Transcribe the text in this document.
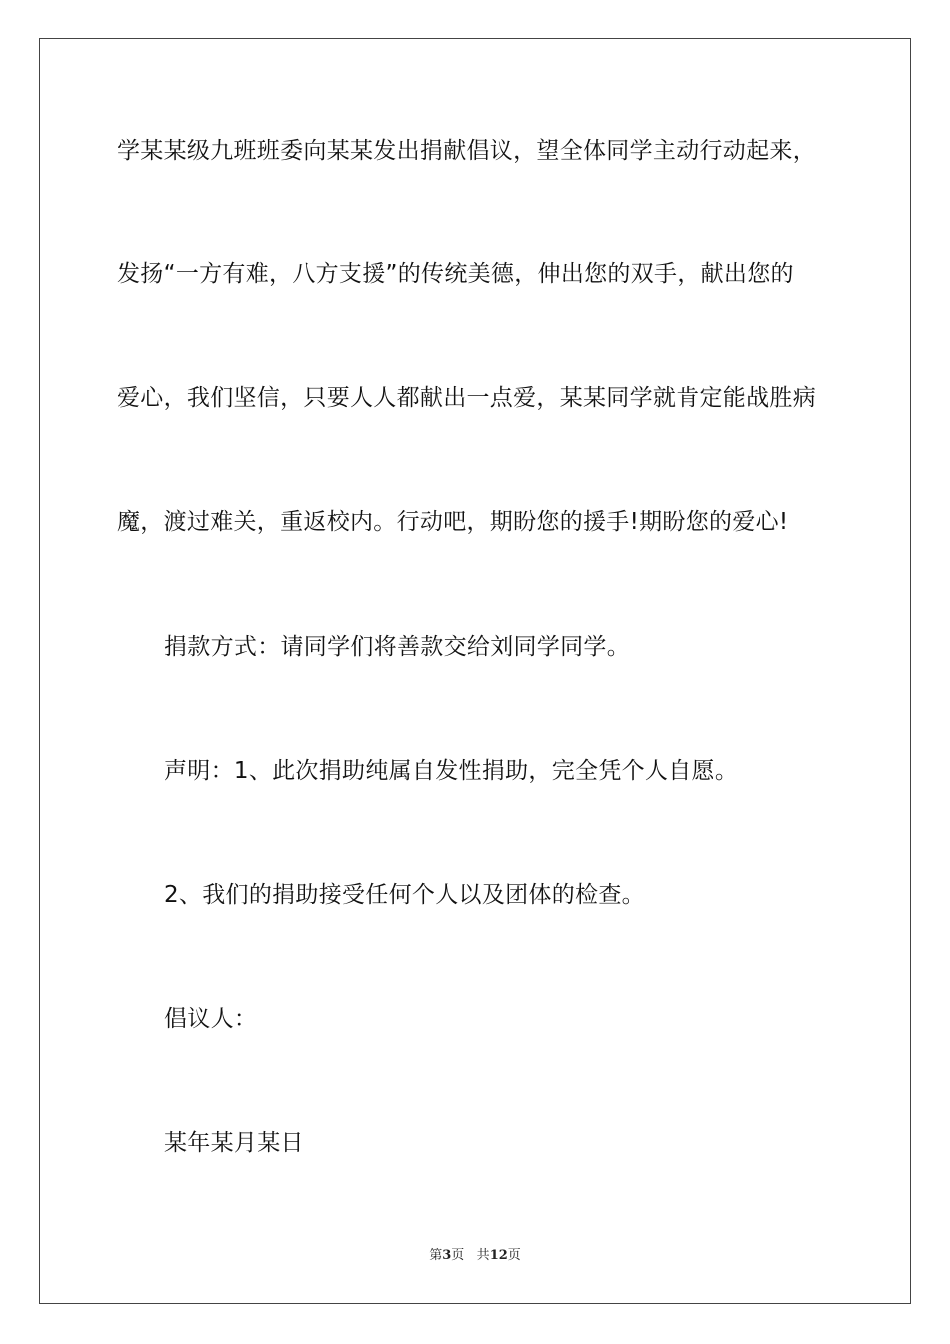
学某某级九班班委向某某发出捐献倡议，望全体同学主动行动起来，
发扬“一方有难，八方支援”的传统美德，伸出您的双手，献出您的
爱心，我们坚信，只要人人都献出一点爱，某某同学就肯定能战胜病
魔，渡过难关，重返校内。行动吧，期盼您的援手!期盼您的爱心!
捐款方式：请同学们将善款交给刘同学同学。
声明：1、此次捐助纯属自发性捐助，完全凭个人自愿。
2、我们的捐助接受任何个人以及团体的检查。
倡议人：
某年某月某日
第3页 共12页
